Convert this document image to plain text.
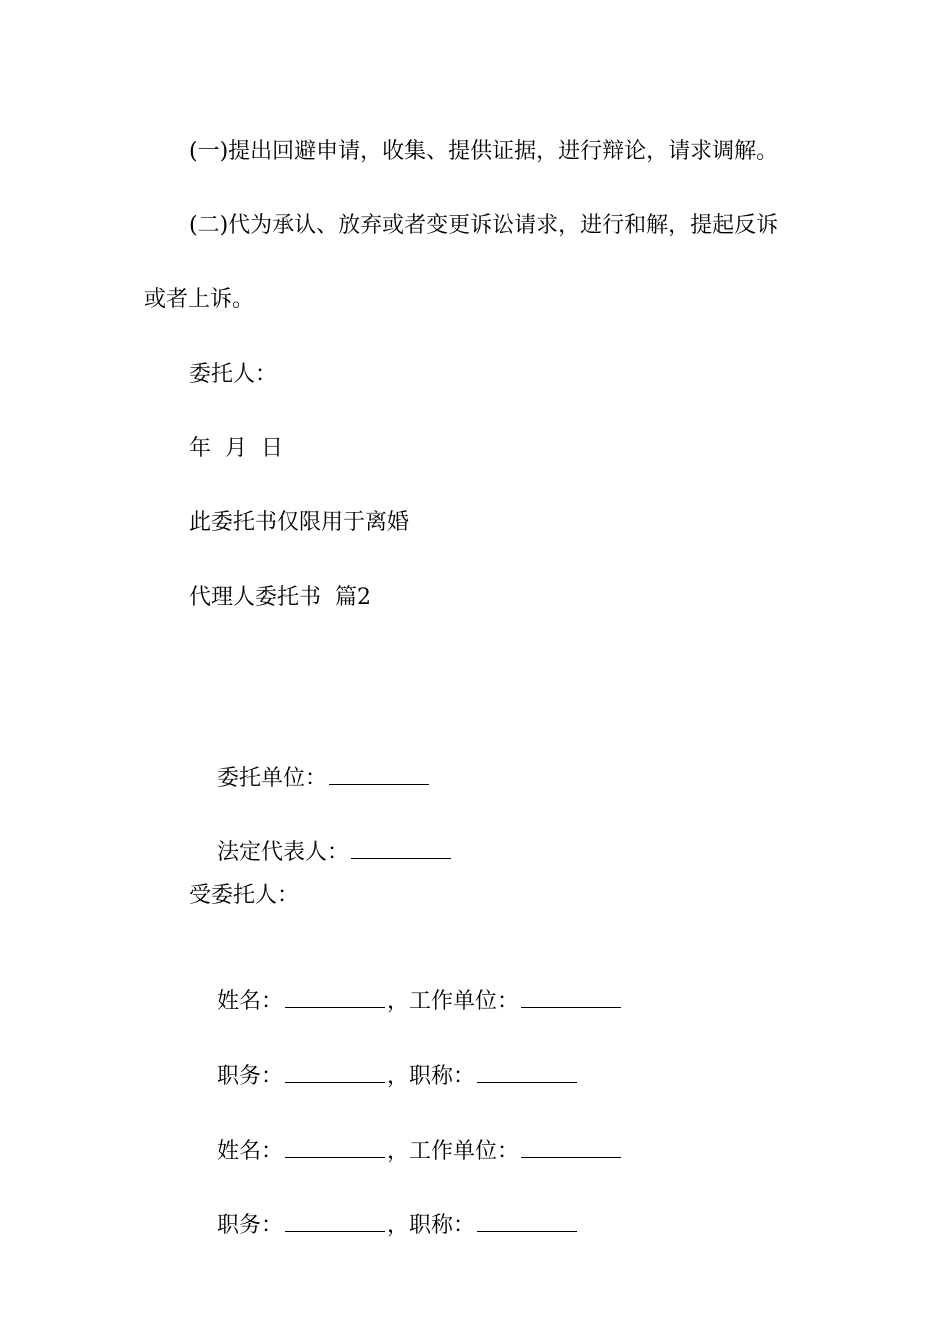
(一)提出回避申请，收集、提供证据，进行辩论，请求调解。
(二)代为承认、放弃或者变更诉讼请求，进行和解，提起反诉
或者上诉。
委托人：
年  月  日
此委托书仅限用于离婚
代理人委托书  篇2

委托单位：

法定代表人：

受委托人：

姓名：	，工作单位：

职务：	，职称：

姓名：	，工作单位：

职务：	，职称：
